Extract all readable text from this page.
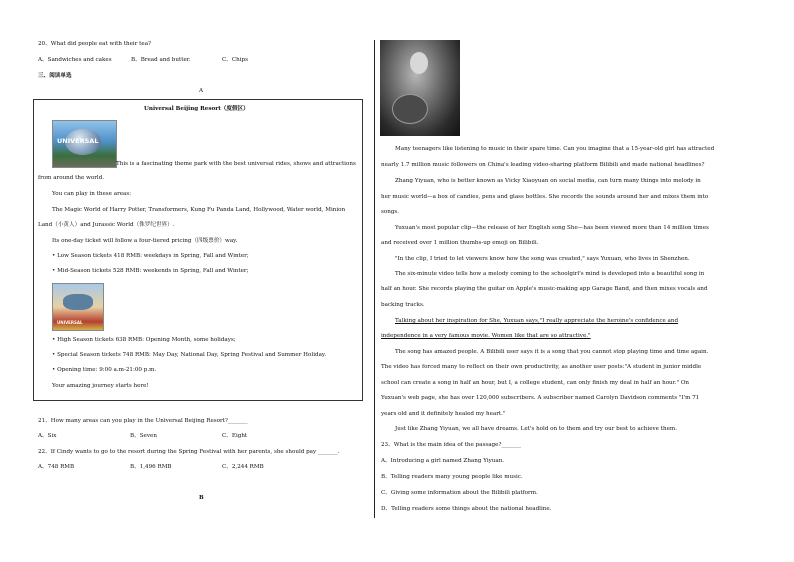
20、What did people eat with their tea?
A、Sandwiches and cakes	B、Bread and butter.	C、Chips
三、阅读单选
A
Universal Beijing Resort（度假区）
UNIVERSAL
This is a fascinating theme park with the best universal rides, shows and attractions
from around the world.
You can play in these areas:
The Magic World of Harry Potter, Transformers, Kung Fu Panda Land, Hollywood, Water world, Minion
Land（小黄人）and Jurassic World（侏罗纪世界）.
Its one-day ticket will follow a four-tiered pricing（四级票价）way.
• Low Season tickets 418 RMB: weekdays in Spring, Fall and Winter;
• Mid-Season tickets 528 RMB: weekends in Spring, Fall and Winter;
UNIVERSAL
• High Season tickets 638 RMB: Opening Month, some holidays;
• Special Season tickets 748 RMB: May Day, National Day, Spring Festival and Summer Holiday.
• Opening time: 9:00 a.m-21:00 p.m.
Your amazing journey starts here!
21、How many areas can you play in the Universal Beijing Resort?_______
A、Six	B、Seven	C、Eight
22、If Cindy wants to go to the resort during the Spring Festival with her parents, she should pay _______.
A、748 RMB	B、1,496 RMB	C、2,244 RMB
B
Many teenagers like listening to music in their spare time. Can you imagine that a 15-year-old girl has attracted
nearly 1.7 million music followers on China's leading video-sharing platform Bilibili and made national headlines?
Zhang Yiyuan, who is better known as Vicky Xiaoyuan on social media, can turn many things into melody in
her music world—a box of candies, pens and glass bottles. She records the sounds around her and mixes them into
songs.
Yuxuan's most popular clip—the release of her English song She—has been viewed more than 14 million times
and received over 1 million thumbs-up emoji on Bilibili.
"In the clip, I tried to let viewers know how the song was created," says Yuxuan, who lives in Shenzhen.
The six-minute video tells how a melody coming to the schoolgirl's mind is developed into a beautiful song in
half an hour. She records playing the guitar on Apple's music-making app Garage Band, and then mixes vocals and
backing tracks.
Talking about her inspiration for She, Yuxuan says,"I really appreciate the heroine's confidence and
independence in a very famous movie. Women like that are so attractive."
The song has amazed people. A Bilibili user says it is a song that you cannot stop playing time and time again.
The video has forced many to reflect on their own productivity, as another user posts:"A student in junior middle
school can create a song in half an hour, but I, a college student, can only finish my deal in half an hour." On
Yuxuan's web page, she has over 120,000 subscribers. A subscriber named Carolyn Davidson comments "I'm 71
years old and it definitely healed my heart."
Just like Zhang Yiyuan, we all have dreams. Let's hold on to them and try our best to achieve them.
23、What is the main idea of the passage?_______
A、Introducing a girl named Zhang Yiyuan.
B、Telling readers many young people like music.
C、Giving some information about the Bilibili platform.
D、Telling readers some things about the national headline.
